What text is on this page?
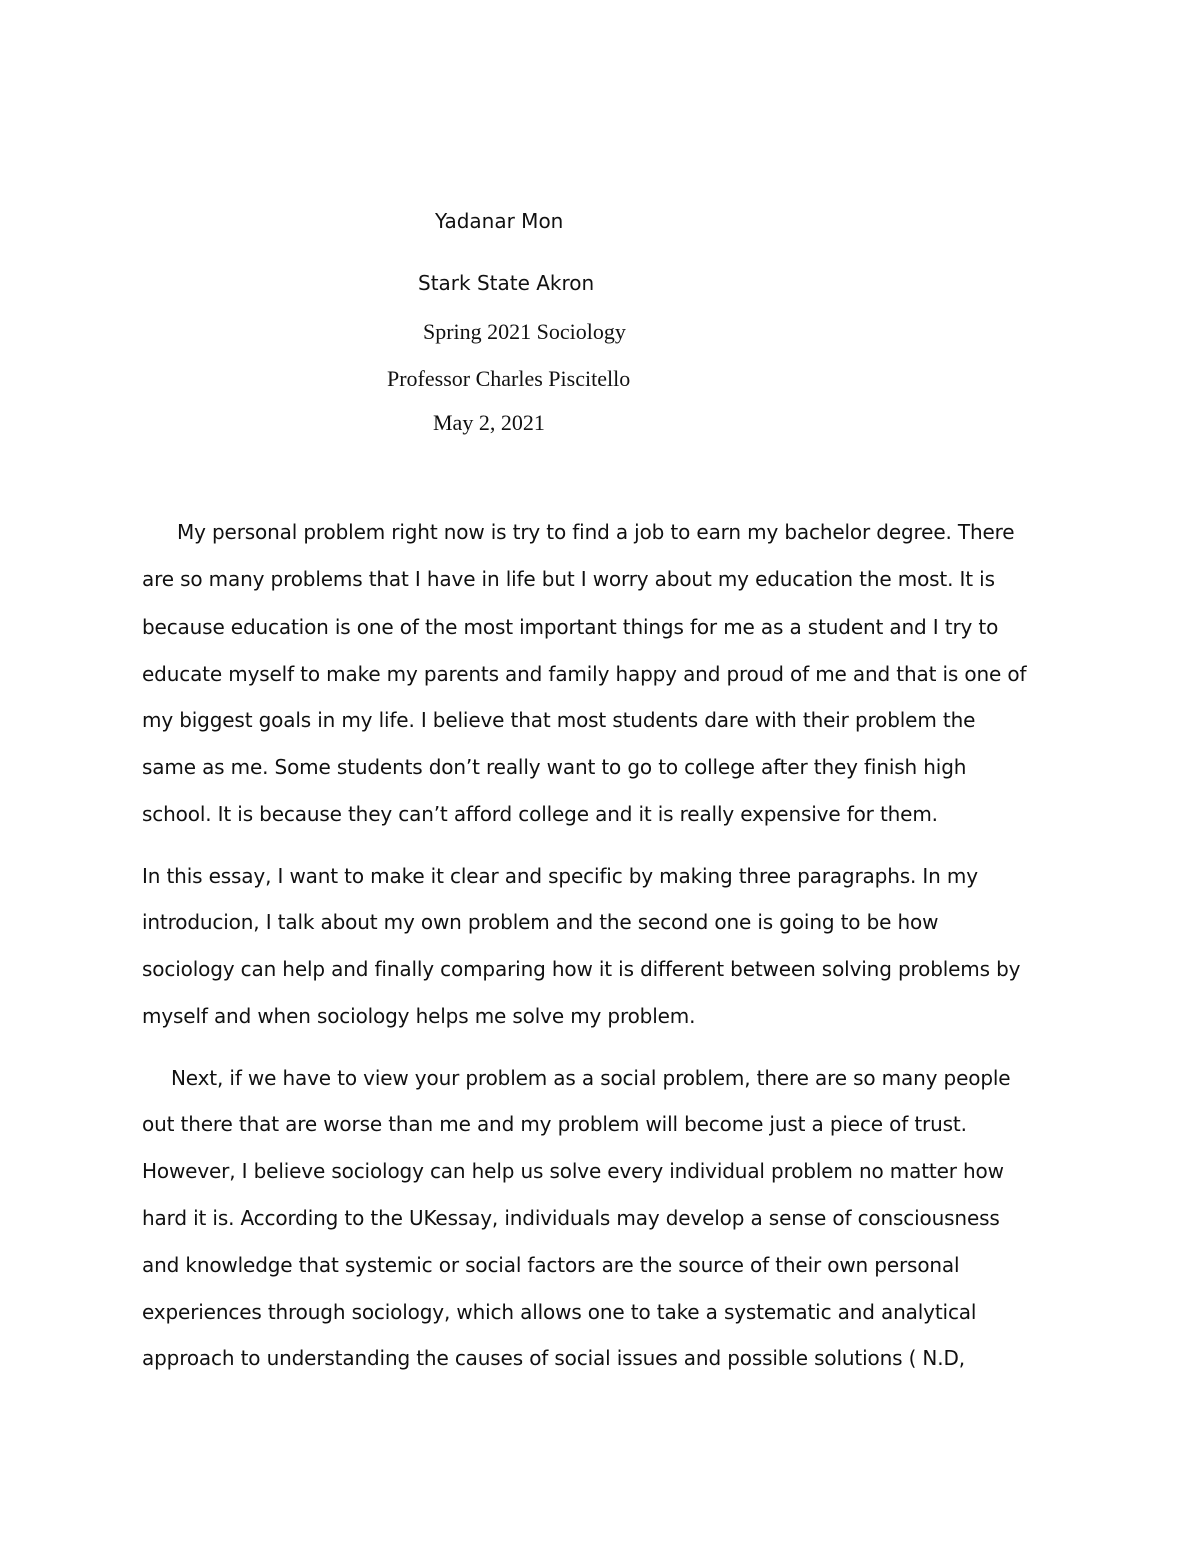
Yadanar Mon
Stark State Akron
Spring 2021 Sociology
Professor Charles Piscitello
May 2, 2021
My personal problem right now is try to find a job to earn my bachelor degree. There
are so many problems that I have in life but I worry about my education the most. It is
because education is one of the most important things for me as a student and I try to
educate myself to make my parents and family happy and proud of me and that is one of
my biggest goals in my life. I believe that most students dare with their problem the
same as me. Some students don’t really want to go to college after they finish high
school. It is because they can’t afford college and it is really expensive for them.
In this essay, I want to make it clear and specific by making three paragraphs. In my
introducion, I talk about my own problem and the second one is going to be how
sociology can help and finally comparing how it is different between solving problems by
myself and when sociology helps me solve my problem.
Next, if we have to view your problem as a social problem, there are so many people
out there that are worse than me and my problem will become just a piece of trust.
However, I believe sociology can help us solve every individual problem no matter how
hard it is. According to the UKessay, individuals may develop a sense of consciousness
and knowledge that systemic or social factors are the source of their own personal
experiences through sociology, which allows one to take a systematic and analytical
approach to understanding the causes of social issues and possible solutions ( N.D,
